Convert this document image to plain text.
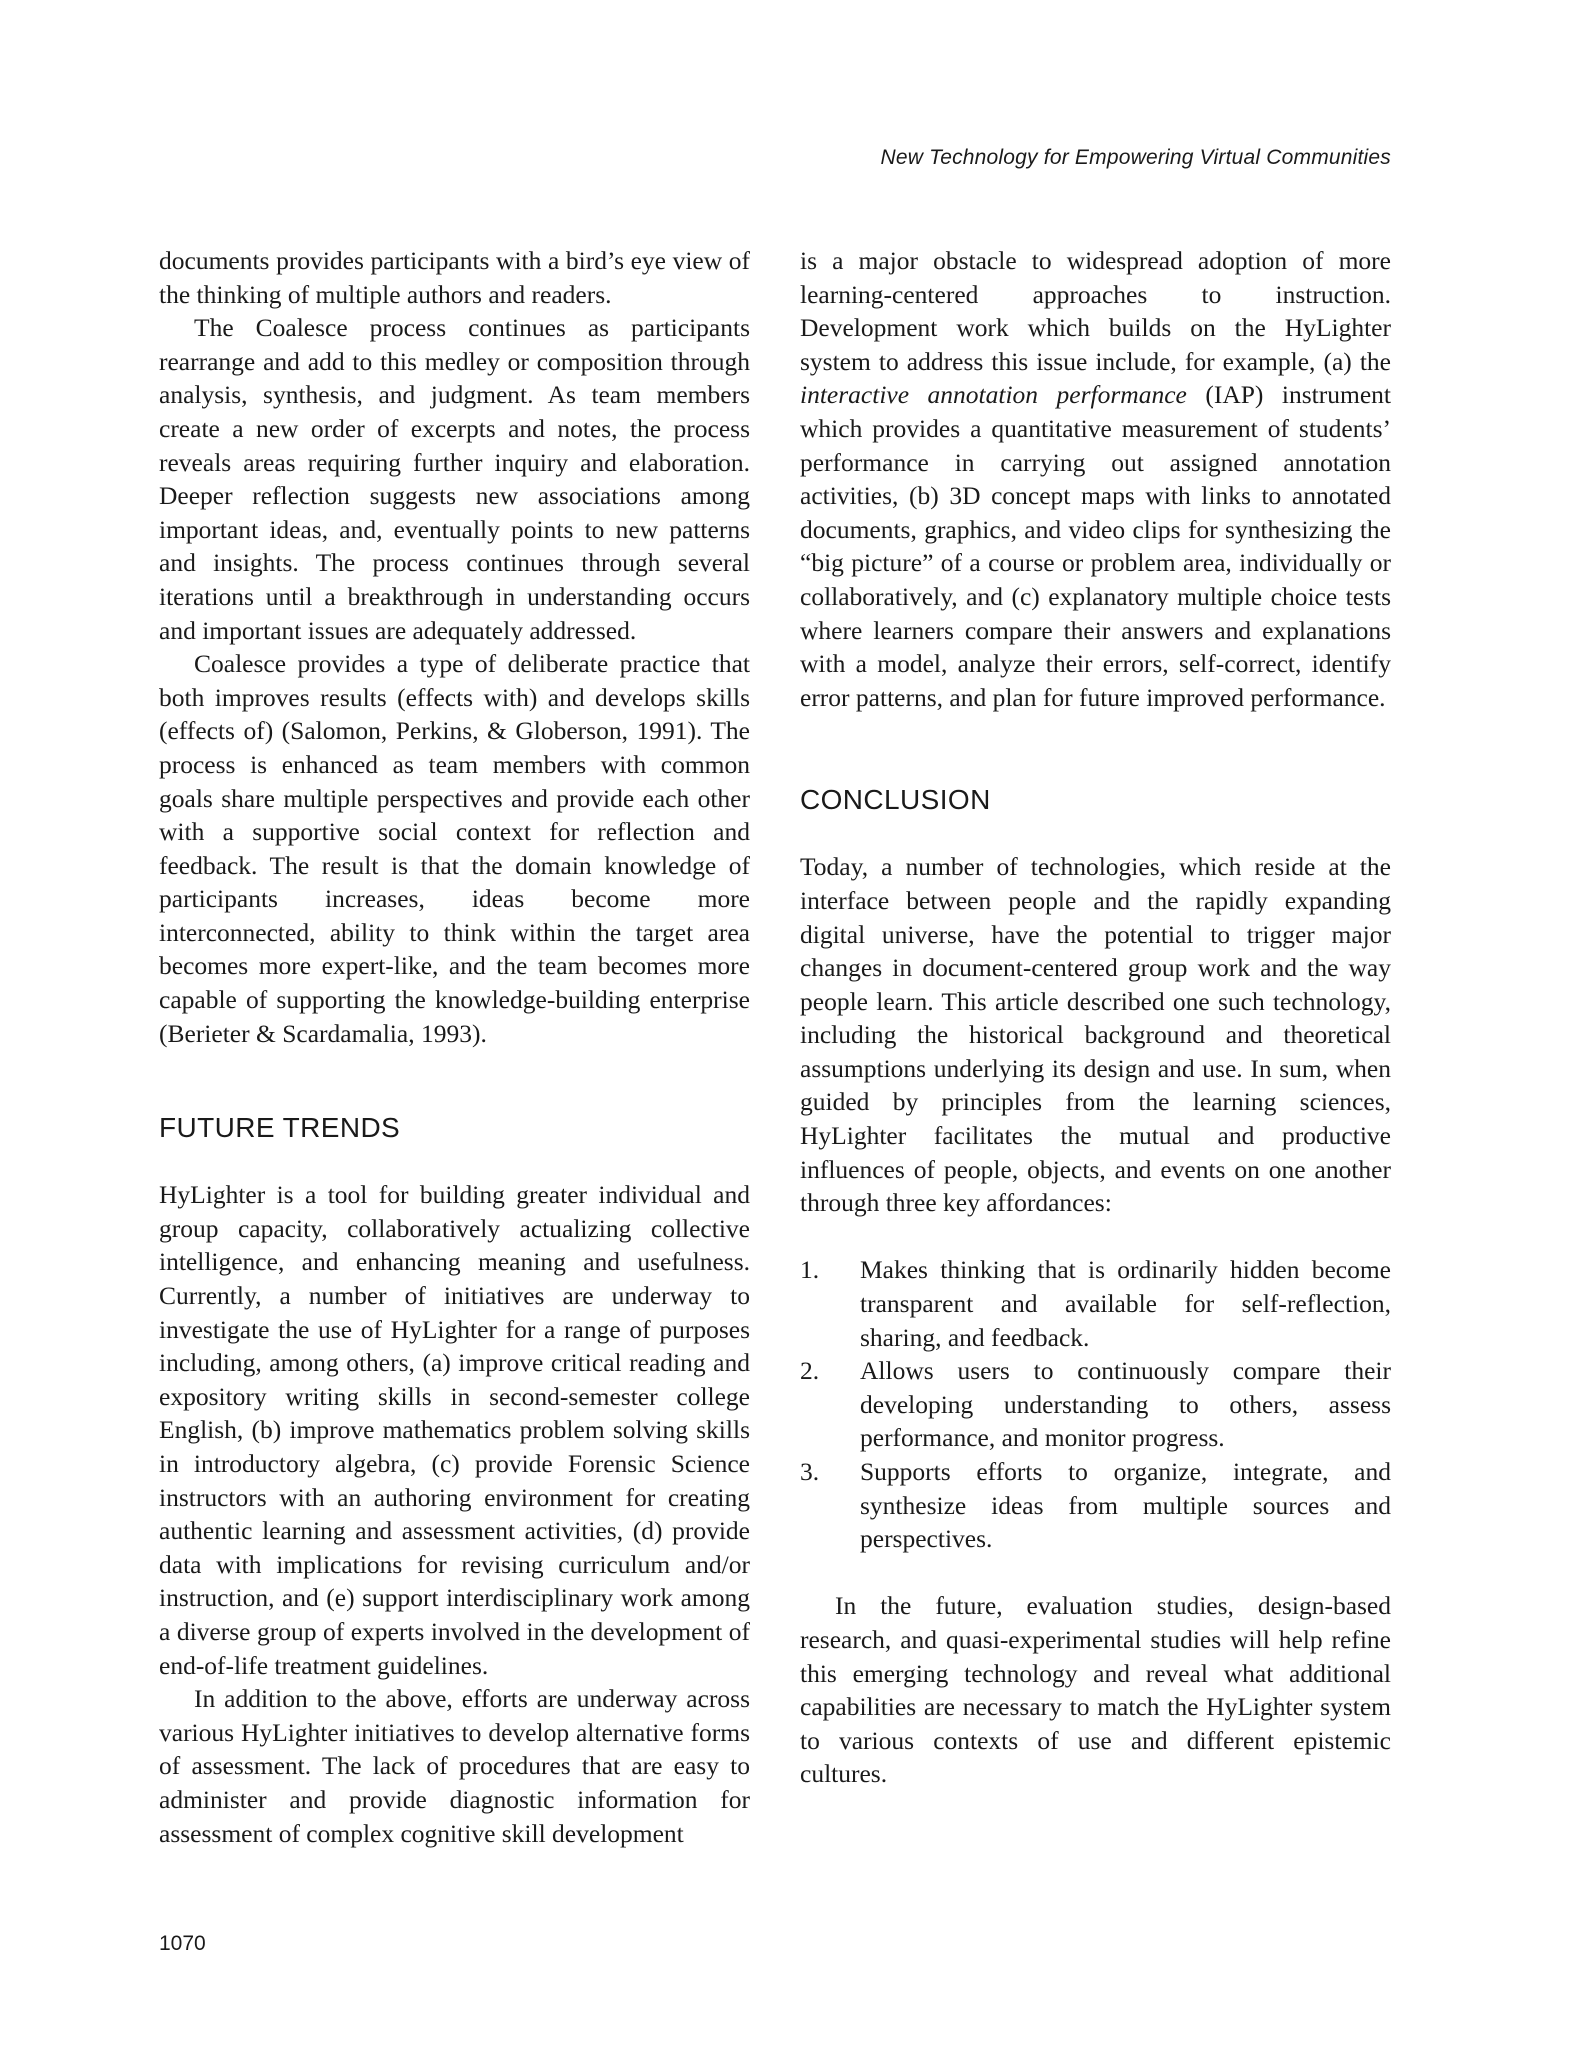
New Technology for Empowering Virtual Communities

documents provides participants with a bird’s eye view of the thinking of multiple authors and readers.

The Coalesce process continues as participants rearrange and add to this medley or composition through analysis, synthesis, and judgment. As team members create a new order of excerpts and notes, the process reveals areas requiring further inquiry and elaboration. Deeper reflection suggests new associations among important ideas, and, eventually points to new patterns and insights. The process continues through several iterations until a breakthrough in understanding occurs and important issues are adequately addressed.

Coalesce provides a type of deliberate practice that both improves results (effects with) and develops skills (effects of) (Salomon, Perkins, & Globerson, 1991). The process is enhanced as team members with common goals share multiple perspectives and provide each other with a supportive social context for reflection and feedback. The result is that the domain knowledge of participants increases, ideas become more interconnected, ability to think within the target area becomes more expert-like, and the team becomes more capable of supporting the knowledge-building enterprise (Berieter & Scardamalia, 1993).

FUTURE TRENDS

HyLighter is a tool for building greater individual and group capacity, collaboratively actualizing collective intelligence, and enhancing meaning and usefulness. Currently, a number of initiatives are underway to investigate the use of HyLighter for a range of purposes including, among others, (a) improve critical reading and expository writing skills in second-semester college English, (b) improve mathematics problem solving skills in introductory algebra, (c) provide Forensic Science instructors with an authoring environment for creating authentic learning and assessment activities, (d) provide data with implications for revising curriculum and/or instruction, and (e) support interdisciplinary work among a diverse group of experts involved in the development of end-of-life treatment guidelines.

In addition to the above, efforts are underway across various HyLighter initiatives to develop alternative forms of assessment. The lack of procedures that are easy to administer and provide diagnostic information for assessment of complex cognitive skill development

is a major obstacle to widespread adoption of more learning-centered approaches to instruction. Development work which builds on the HyLighter system to address this issue include, for example, (a) the interactive annotation performance (IAP) instrument which provides a quantitative measurement of students’ performance in carrying out assigned annotation activities, (b) 3D concept maps with links to annotated documents, graphics, and video clips for synthesizing the “big picture” of a course or problem area, individually or collaboratively, and (c) explanatory multiple choice tests where learners compare their answers and explanations with a model, analyze their errors, self-correct, identify error patterns, and plan for future improved performance.

CONCLUSION

Today, a number of technologies, which reside at the interface between people and the rapidly expanding digital universe, have the potential to trigger major changes in document-centered group work and the way people learn. This article described one such technology, including the historical background and theoretical assumptions underlying its design and use. In sum, when guided by principles from the learning sciences, HyLighter facilitates the mutual and productive influences of people, objects, and events on one another through three key affordances:

1.	Makes thinking that is ordinarily hidden become transparent and available for self-reflection, sharing, and feedback.
2.	Allows users to continuously compare their developing understanding to others, assess performance, and monitor progress.
3.	Supports efforts to organize, integrate, and synthesize ideas from multiple sources and perspectives.

In the future, evaluation studies, design-based research, and quasi-experimental studies will help refine this emerging technology and reveal what additional capabilities are necessary to match the HyLighter system to various contexts of use and different epistemic cultures.

1070
